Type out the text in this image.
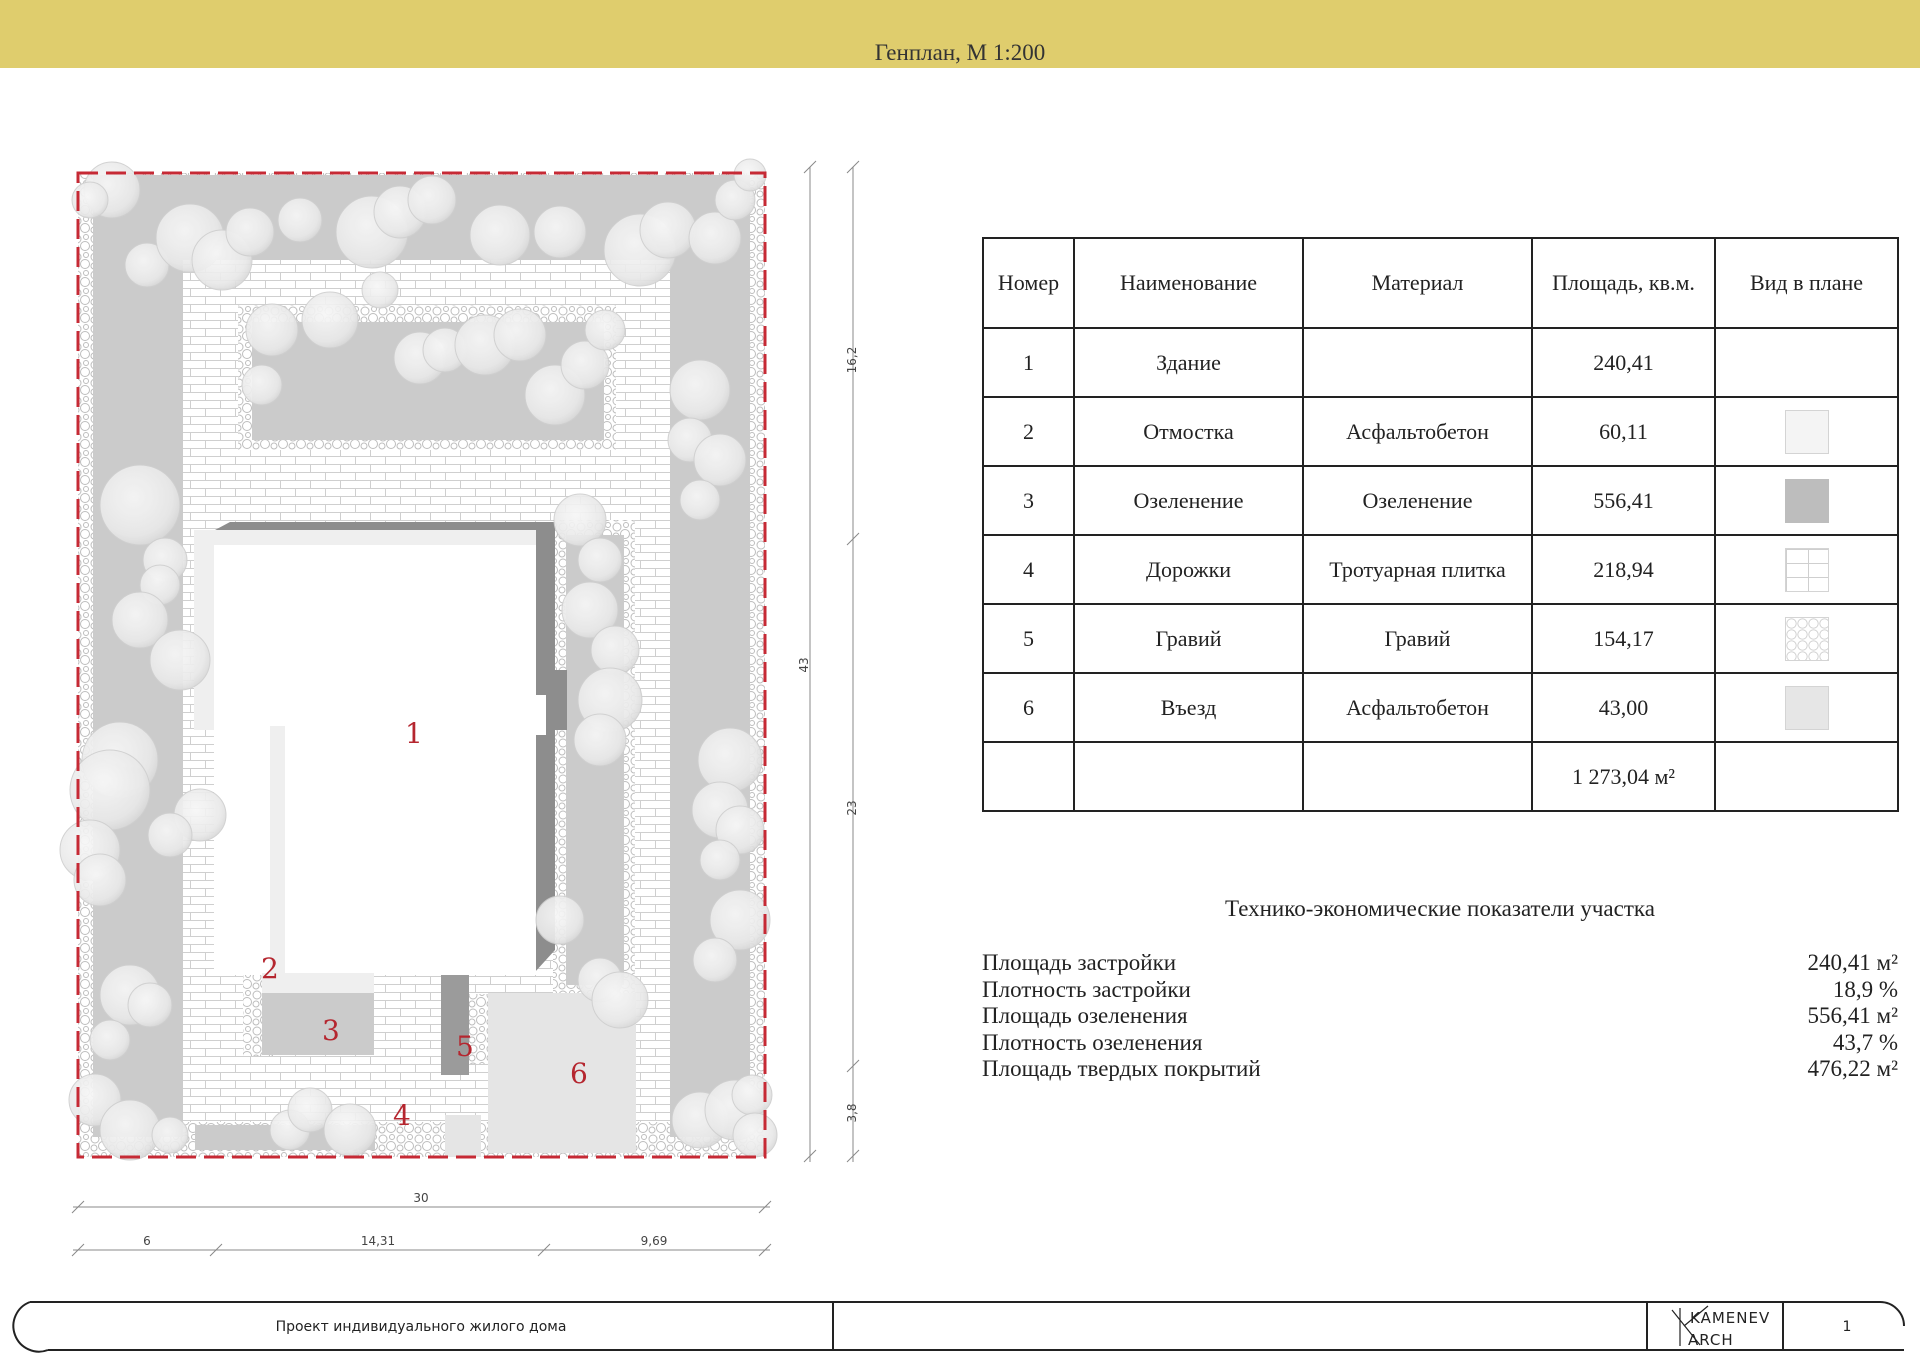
Генплан, М 1:200
1
2
3
4
5
6
16,2
43
23
3,8
30
6	14,31	9,69
KAMENEV
ARCH
Проект индивидуального жилого дома	1
Номер	Наименование	Материал	Площадь, кв.м.	Вид в плане
1	Здание		240,41	
2	Отмостка	Асфальтобетон	60,11	

3	Озеленение	Озеленение	556,41	

4	Дорожки	Тротуарная плитка	218,94	

5	Гравий	Гравий	154,17	

6	Въезд	Асфальтобетон	43,00	

			1 273,04 м²	
Технико-экономические показатели участка
Площадь застройки	240,41 м²
Плотность застройки	18,9 %
Площадь озеленения	556,41 м²
Плотность озеленения	43,7 %
Площадь твердых покрытий	476,22 м²
